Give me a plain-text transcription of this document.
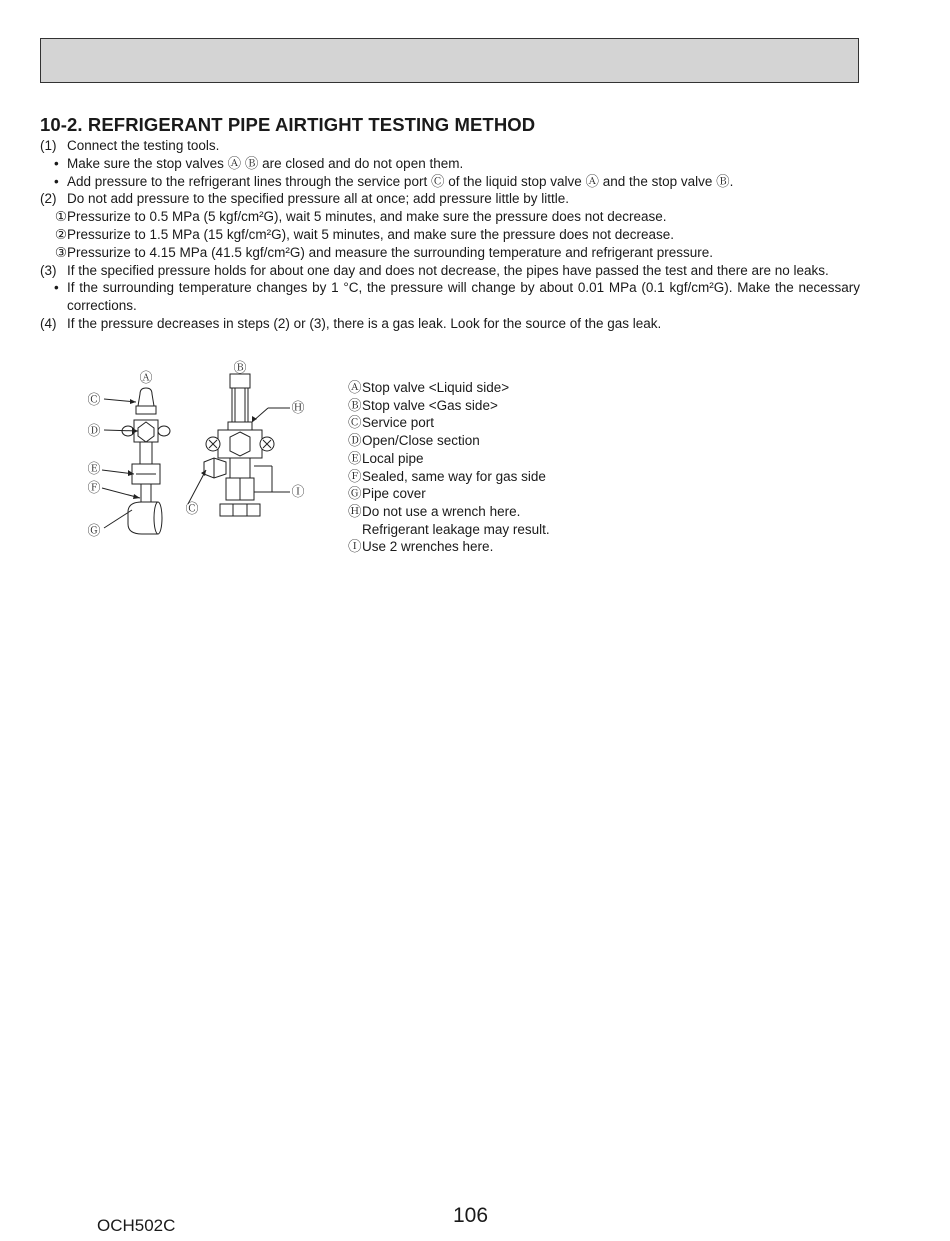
10-2. REFRIGERANT PIPE AIRTIGHT TESTING METHOD
(1) Connect the testing tools.
• Make sure the stop valves Ⓐ Ⓑ are closed and do not open them.
• Add pressure to the refrigerant lines through the service port Ⓒ of the liquid stop valve Ⓐ and the stop valve Ⓑ.
(2) Do not add pressure to the specified pressure all at once; add pressure little by little.
① Pressurize to 0.5 MPa (5 kgf/cm²G), wait 5 minutes, and make sure the pressure does not decrease.
② Pressurize to 1.5 MPa (15 kgf/cm²G), wait 5 minutes, and make sure the pressure does not decrease.
③ Pressurize to 4.15 MPa (41.5 kgf/cm²G) and measure the surrounding temperature and refrigerant pressure.
(3) If the specified pressure holds for about one day and does not decrease, the pipes have passed the test and there are no leaks.
• If the surrounding temperature changes by 1 °C, the pressure will change by about 0.01 MPa (0.1 kgf/cm²G). Make the necessary corrections.
(4) If the pressure decreases in steps (2) or (3), there is a gas leak. Look for the source of the gas leak.
Ⓐ
Ⓑ
Ⓒ
Ⓓ
Ⓔ
Ⓕ
Ⓖ
Ⓒ
Ⓗ
Ⓘ
Ⓐ Stop valve <Liquid side>
Ⓑ Stop valve <Gas side>
Ⓒ Service port
Ⓓ Open/Close section
Ⓔ Local pipe
Ⓕ Sealed, same way for gas side
Ⓖ Pipe cover
Ⓗ Do not use a wrench here.
Refrigerant leakage may result.
Ⓘ Use 2 wrenches here.
OCH502C	106
